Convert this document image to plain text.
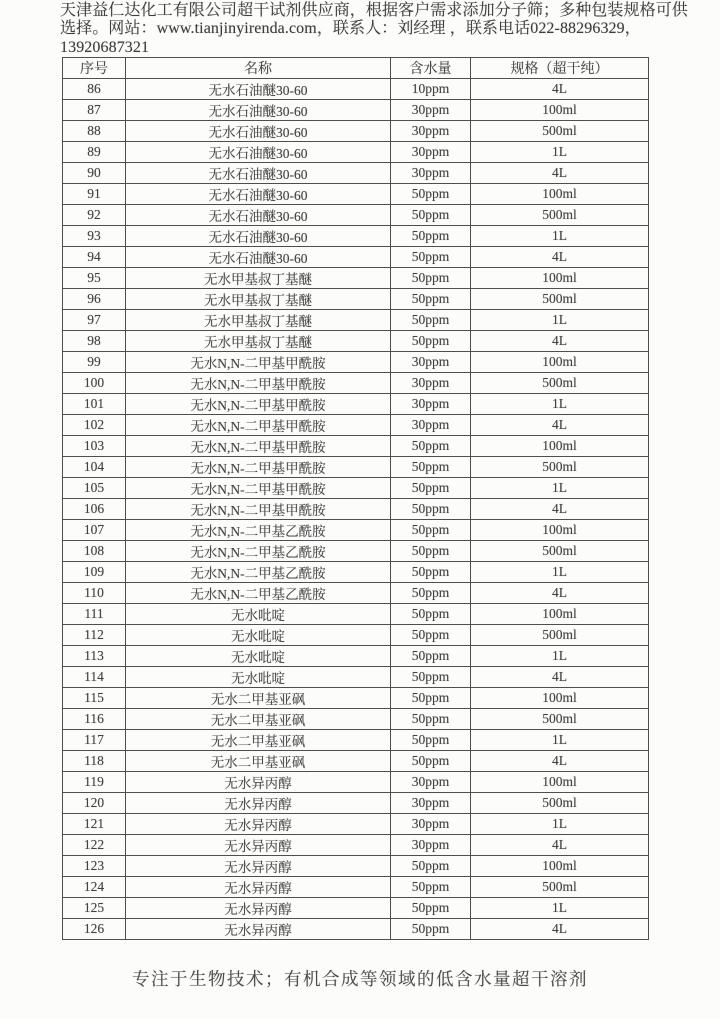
天津益仁达化工有限公司超干试剂供应商，根据客户需求添加分子筛；多种包装规格可供
选择。网站：www.tianjinyirenda.com，联系人：刘经理 ，联系电话022-88296329，
13920687321
序号	名称	含水量	规格（超干纯）
86	无水石油醚30-60	10ppm	4L
87	无水石油醚30-60	30ppm	100ml
88	无水石油醚30-60	30ppm	500ml
89	无水石油醚30-60	30ppm	1L
90	无水石油醚30-60	30ppm	4L
91	无水石油醚30-60	50ppm	100ml
92	无水石油醚30-60	50ppm	500ml
93	无水石油醚30-60	50ppm	1L
94	无水石油醚30-60	50ppm	4L
95	无水甲基叔丁基醚	50ppm	100ml
96	无水甲基叔丁基醚	50ppm	500ml
97	无水甲基叔丁基醚	50ppm	1L
98	无水甲基叔丁基醚	50ppm	4L
99	无水N,N-二甲基甲酰胺	30ppm	100ml
100	无水N,N-二甲基甲酰胺	30ppm	500ml
101	无水N,N-二甲基甲酰胺	30ppm	1L
102	无水N,N-二甲基甲酰胺	30ppm	4L
103	无水N,N-二甲基甲酰胺	50ppm	100ml
104	无水N,N-二甲基甲酰胺	50ppm	500ml
105	无水N,N-二甲基甲酰胺	50ppm	1L
106	无水N,N-二甲基甲酰胺	50ppm	4L
107	无水N,N-二甲基乙酰胺	50ppm	100ml
108	无水N,N-二甲基乙酰胺	50ppm	500ml
109	无水N,N-二甲基乙酰胺	50ppm	1L
110	无水N,N-二甲基乙酰胺	50ppm	4L
111	无水吡啶	50ppm	100ml
112	无水吡啶	50ppm	500ml
113	无水吡啶	50ppm	1L
114	无水吡啶	50ppm	4L
115	无水二甲基亚砜	50ppm	100ml
116	无水二甲基亚砜	50ppm	500ml
117	无水二甲基亚砜	50ppm	1L
118	无水二甲基亚砜	50ppm	4L
119	无水异丙醇	30ppm	100ml
120	无水异丙醇	30ppm	500ml
121	无水异丙醇	30ppm	1L
122	无水异丙醇	30ppm	4L
123	无水异丙醇	50ppm	100ml
124	无水异丙醇	50ppm	500ml
125	无水异丙醇	50ppm	1L
126	无水异丙醇	50ppm	4L
专注于生物技术；有机合成等领域的低含水量超干溶剂
